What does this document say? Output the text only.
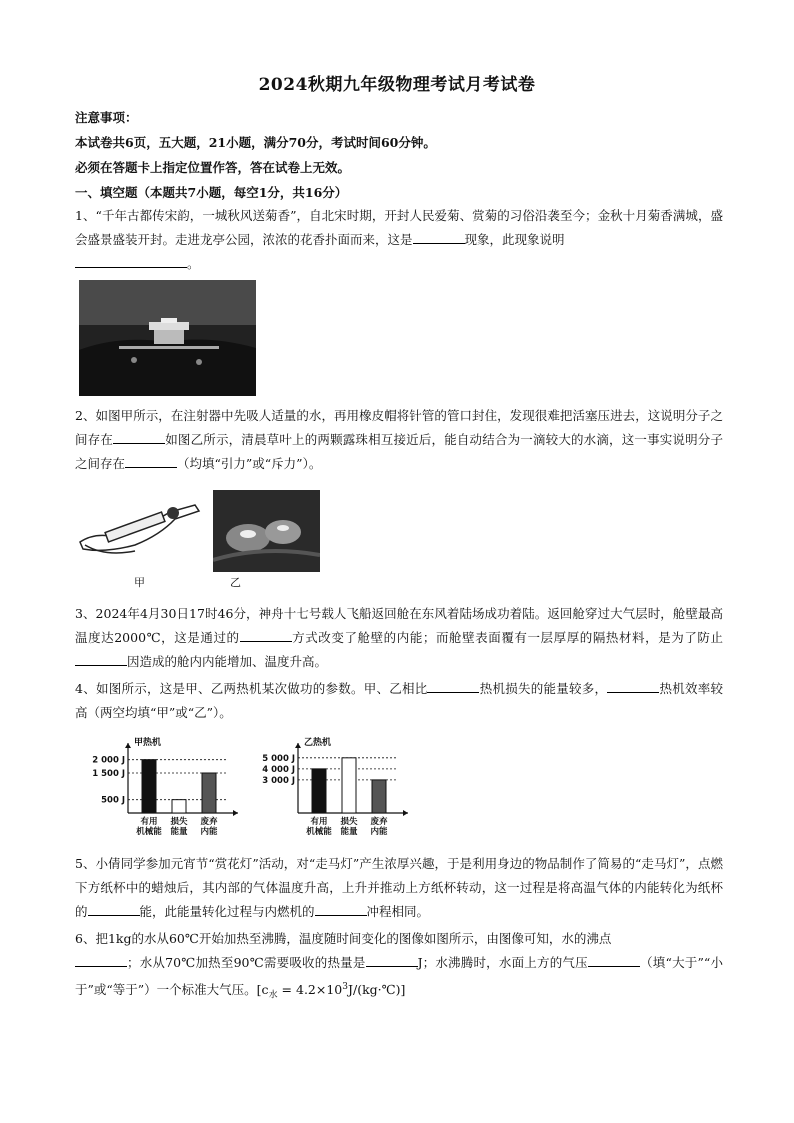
2024秋期九年级物理考试月考试卷
注意事项：
本试卷共6页，五大题，21小题，满分70分，考试时间60分钟。
必须在答题卡上指定位置作答，答在试卷上无效。
一、填空题（本题共7小题，每空1分，共16分）
1、“千年古都传宋韵，一城秋风送菊香”，自北宋时期，开封人民爱菊、赏菊的习俗沿袭至今；金秋十月菊香满城，盛会盛景盛装开封。走进龙亭公园，浓浓的花香扑面而来，这是	现象，此现象说明
。
2、如图甲所示，在注射器中先吸人适量的水，再用橡皮帽将针管的管口封住，发现很难把活塞压进去，这说明分子之间存在	如图乙所示，清晨草叶上的两颗露珠相互接近后，能自动结合为一滴较大的水滴，这一事实说明分子之间存在	（均填“引力”或“斥力”）。
甲	乙
3、2024年4月30日17时46分，神舟十七号载人飞船返回舱在东风着陆场成功着陆。返回舱穿过大气层时，舱壁最高温度达2000℃，这是通过的	方式改变了舱壁的内能；而舱壁表面覆有一层厚厚的隔热材料，是为了防止因造成的舱内内能增加、温度升高。
4、如图所示，这是甲、乙两热机某次做功的参数。甲、乙相比	热机损失的能量较多，	热机效率较高（两空均填“甲”或“乙”）。
甲热机
500 J
1 500 J
2 000 J
有用
机械能
损失
能量
废弃
内能
乙热机
3 000 J
4 000 J
5 000 J
有用
机械能
损失
能量
废弃
内能
5、小倩同学参加元宵节“赏花灯”活动，对“走马灯”产生浓厚兴趣，于是利用身边的物品制作了简易的“走马灯”，点燃下方纸杯中的蜡烛后，其内部的气体温度升高，上升并推动上方纸杯转动，这一过程是将高温气体的内能转化为纸杯的	能，此能量转化过程与内燃机的	冲程相同。
6、把1kg的水从60℃开始加热至沸腾，温度随时间变化的图像如图所示，由图像可知，水的沸点
；水从70℃加热至90℃需要吸收的热量是	J；水沸腾时，水面上方的气压	（填“大于”“小于”或“等于”）一个标准大气压。[$c_水$ = $4.2\times 10^3J/(kg\cdot℃)$]
